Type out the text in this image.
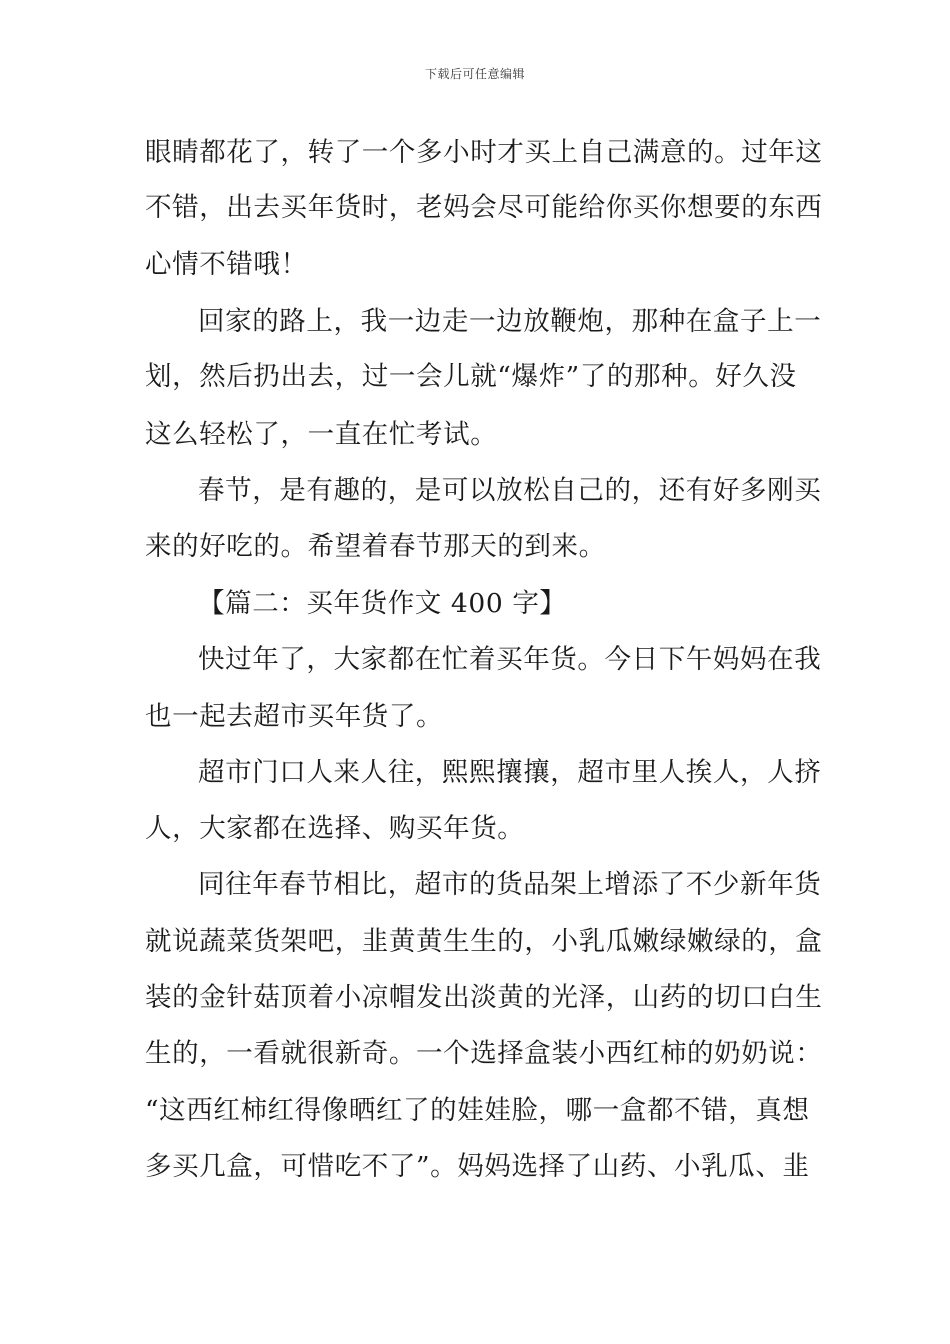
下载后可任意编辑
眼睛都花了，转了一个多小时才买上自己满意的。过年这
不错，出去买年货时，老妈会尽可能给你买你想要的东西
心情不错哦！
回家的路上，我一边走一边放鞭炮，那种在盒子上一
划，然后扔出去，过一会儿就“爆炸”了的那种。好久没
这么轻松了，一直在忙考试。
春节，是有趣的，是可以放松自己的，还有好多刚买
来的好吃的。希望着春节那天的到来。
【篇二：买年货作文 400 字】
快过年了，大家都在忙着买年货。今日下午妈妈在我
也一起去超市买年货了。
超市门口人来人往，熙熙攘攘，超市里人挨人，人挤
人，大家都在选择、购买年货。
同往年春节相比，超市的货品架上增添了不少新年货
就说蔬菜货架吧，韭黄黄生生的，小乳瓜嫩绿嫩绿的，盒
装的金针菇顶着小凉帽发出淡黄的光泽，山药的切口白生
生的，一看就很新奇。一个选择盒装小西红柿的奶奶说：
“这西红柿红得像晒红了的娃娃脸，哪一盒都不错，真想
多买几盒，可惜吃不了”。妈妈选择了山药、小乳瓜、韭
